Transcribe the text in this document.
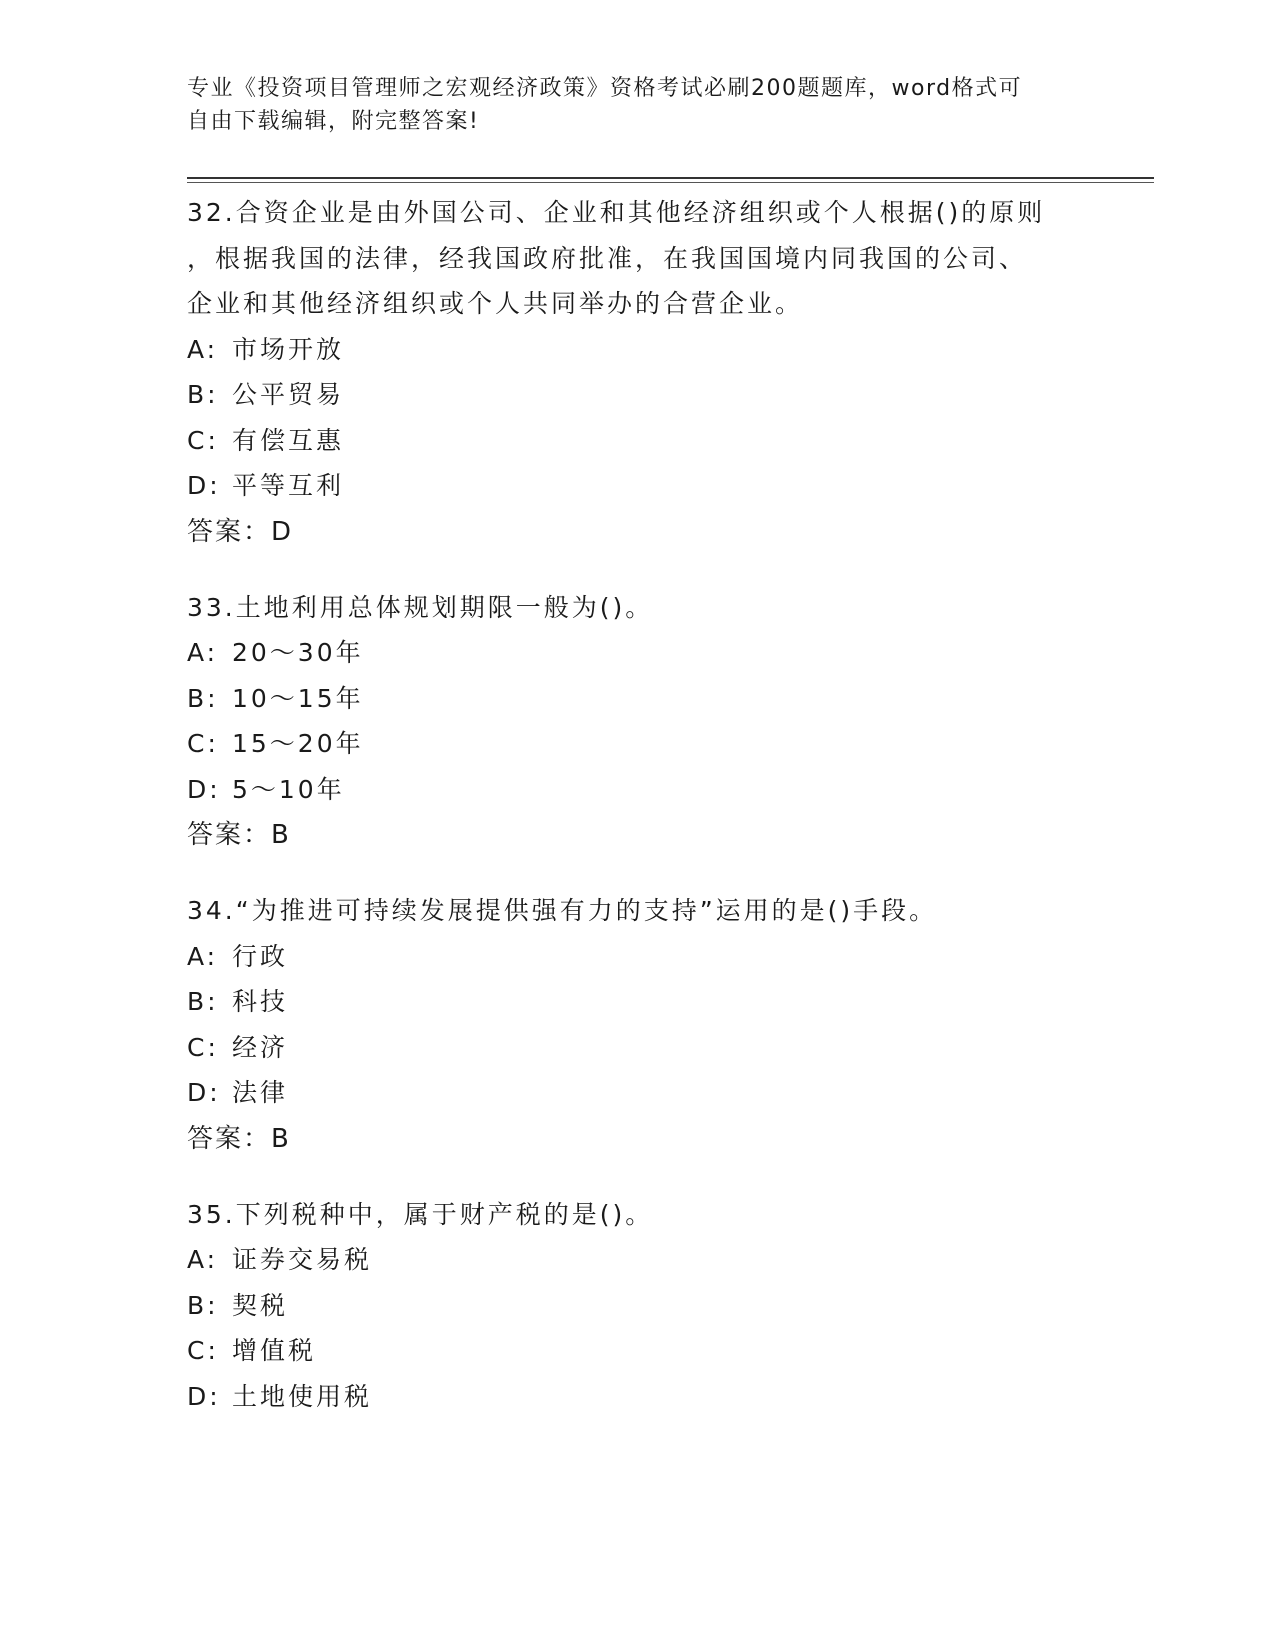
专业《投资项目管理师之宏观经济政策》资格考试必刷200题题库，word格式可
自由下载编辑，附完整答案!
32.合资企业是由外国公司、企业和其他经济组织或个人根据()的原则
，根据我国的法律，经我国政府批准，在我国国境内同我国的公司、
企业和其他经济组织或个人共同举办的合营企业。
A: 市场开放
B: 公平贸易
C: 有偿互惠
D: 平等互利
答案：D
33.土地利用总体规划期限一般为()。
A: 20～30年
B: 10～15年
C: 15～20年
D: 5～10年
答案：B
34.“为推进可持续发展提供强有力的支持”运用的是()手段。
A: 行政
B: 科技
C: 经济
D: 法律
答案：B
35.下列税种中，属于财产税的是()。
A: 证券交易税
B: 契税
C: 增值税
D: 土地使用税
